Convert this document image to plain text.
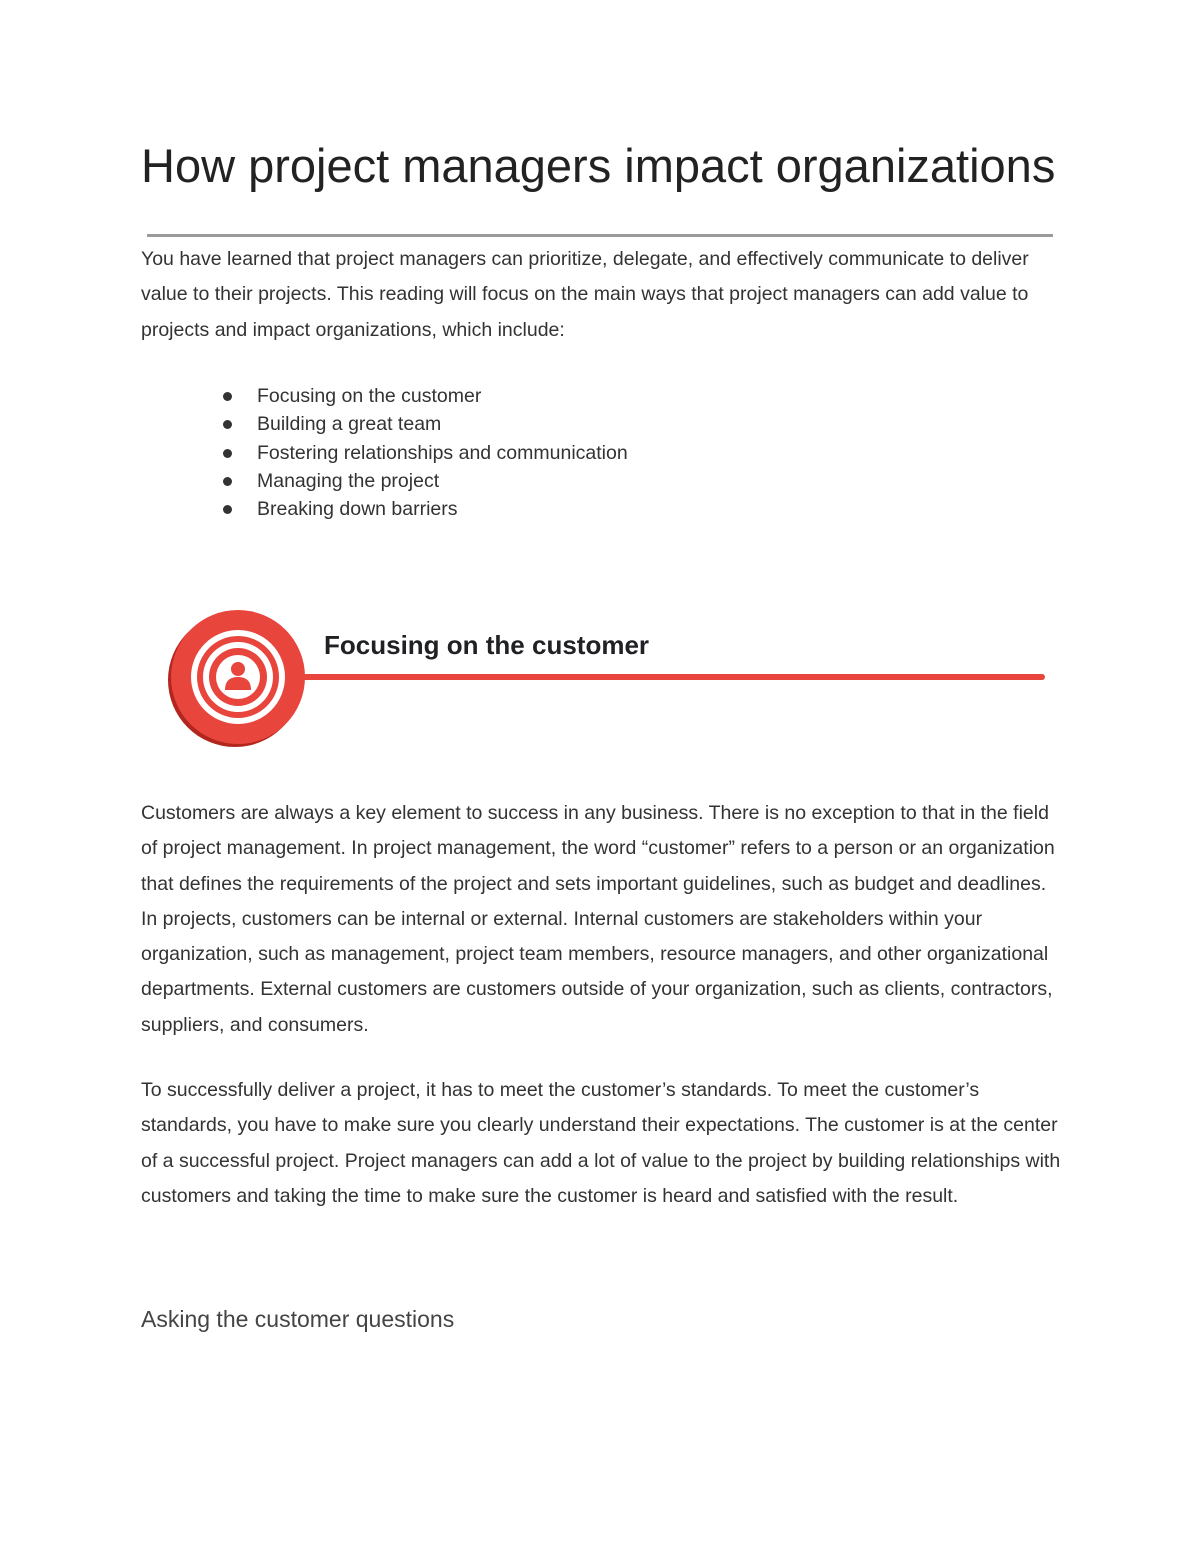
How project managers impact organizations

You have learned that project managers can prioritize, delegate, and effectively communicate to deliver value to their projects. This reading will focus on the main ways that project managers can add value to projects and impact organizations, which include:

Focusing on the customer
Building a great team
Fostering relationships and communication
Managing the project
Breaking down barriers
Focusing on the customer

Customers are always a key element to success in any business. There is no exception to that in the field of project management. In project management, the word “customer” refers to a person or an organization that defines the requirements of the project and sets important guidelines, such as budget and deadlines. In projects, customers can be internal or external. Internal customers are stakeholders within your organization, such as management, project team members, resource managers, and other organizational departments. External customers are customers outside of your organization, such as clients, contractors, suppliers, and consumers.

To successfully deliver a project, it has to meet the customer’s standards. To meet the customer’s standards, you have to make sure you clearly understand their expectations. The customer is at the center of a successful project. Project managers can add a lot of value to the project by building relationships with customers and taking the time to make sure the customer is heard and satisfied with the result.

Asking the customer questions
